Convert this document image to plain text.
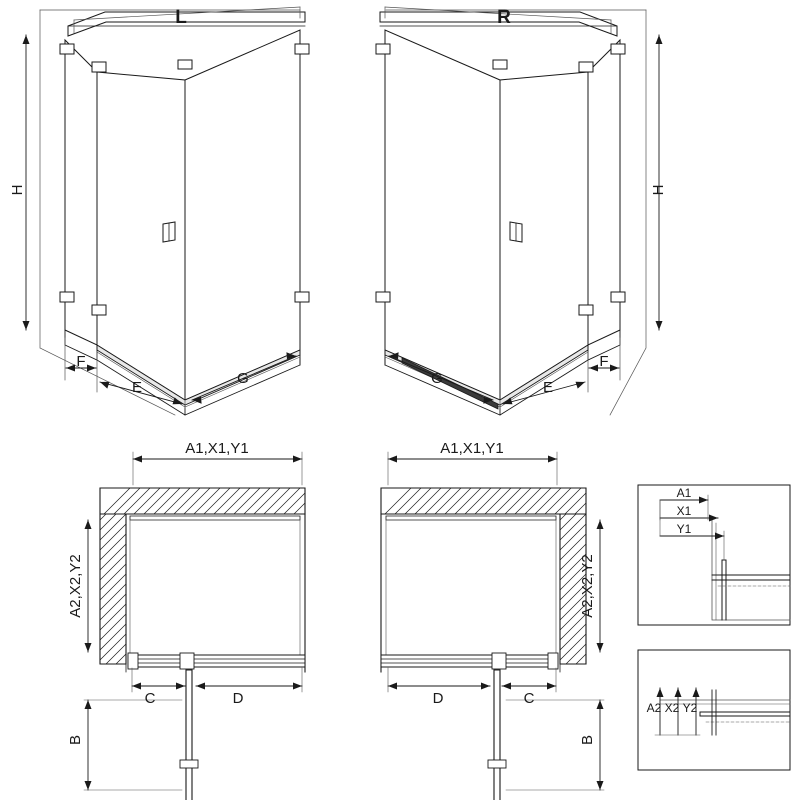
L	R
H	H
F
E
G
F
E
G
A1,X1,Y1	A1,X1,Y1
A2,X2,Y2	A2,X2,Y2
C	D
B
D	C
B
A1
X1
Y1
A2 X2 Y2
